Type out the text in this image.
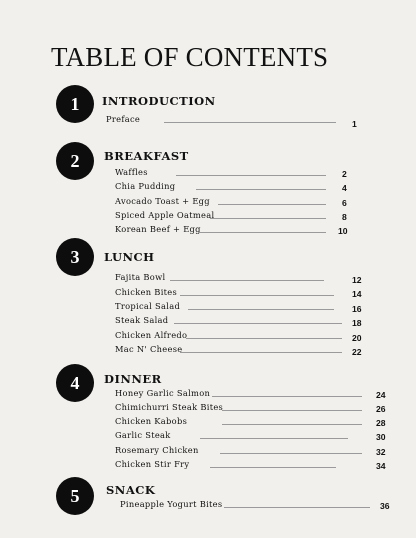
TABLE OF CONTENTS
1	INTRODUCTION
Preface	1
2	BREAKFAST
Waffles	2
Chia Pudding	4
Avocado Toast + Egg	6
Spiced Apple Oatmeal	8
Korean Beef + Egg	10
3	LUNCH
Fajita Bowl	12
Chicken Bites	14
Tropical Salad	16
Steak Salad	18
Chicken Alfredo	20
Mac N' Cheese	22
4	DINNER
Honey Garlic Salmon	24
Chimichurri Steak Bites	26
Chicken Kabobs	28
Garlic Steak	30
Rosemary Chicken	32
Chicken Stir Fry	34
5	SNACK
Pineapple Yogurt Bites	36
